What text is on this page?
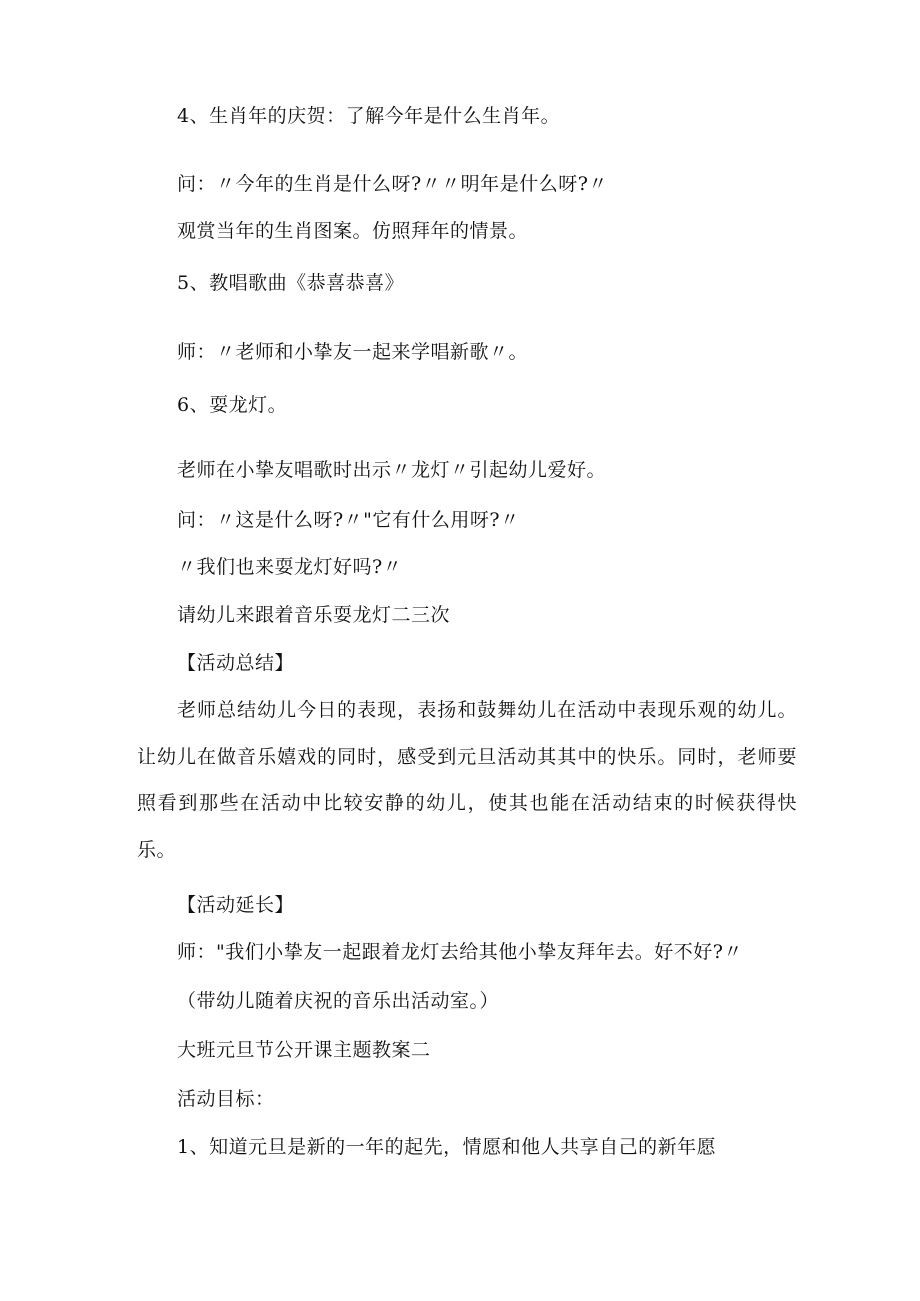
4、生肖年的庆贺：了解今年是什么生肖年。
问：〃今年的生肖是什么呀?〃〃明年是什么呀?〃
观赏当年的生肖图案。仿照拜年的情景。
5、教唱歌曲《恭喜恭喜》
师：〃老师和小挚友一起来学唱新歌〃。
6、耍龙灯。
老师在小挚友唱歌时出示〃龙灯〃引起幼儿爱好。
问：〃这是什么呀?〃"它有什么用呀?〃
〃我们也来耍龙灯好吗?〃
请幼儿来跟着音乐耍龙灯二三次
【活动总结】
老师总结幼儿今日的表现，表扬和鼓舞幼儿在活动中表现乐观的幼儿。让幼儿在做音乐嬉戏的同时，感受到元旦活动其其中的快乐。同时，老师要照看到那些在活动中比较安静的幼儿，使其也能在活动结束的时候获得快乐。
【活动延长】
师："我们小挚友一起跟着龙灯去给其他小挚友拜年去。好不好?〃
（带幼儿随着庆祝的音乐出活动室。）
大班元旦节公开课主题教案二
活动目标：
1、知道元旦是新的一年的起先，情愿和他人共享自己的新年愿
